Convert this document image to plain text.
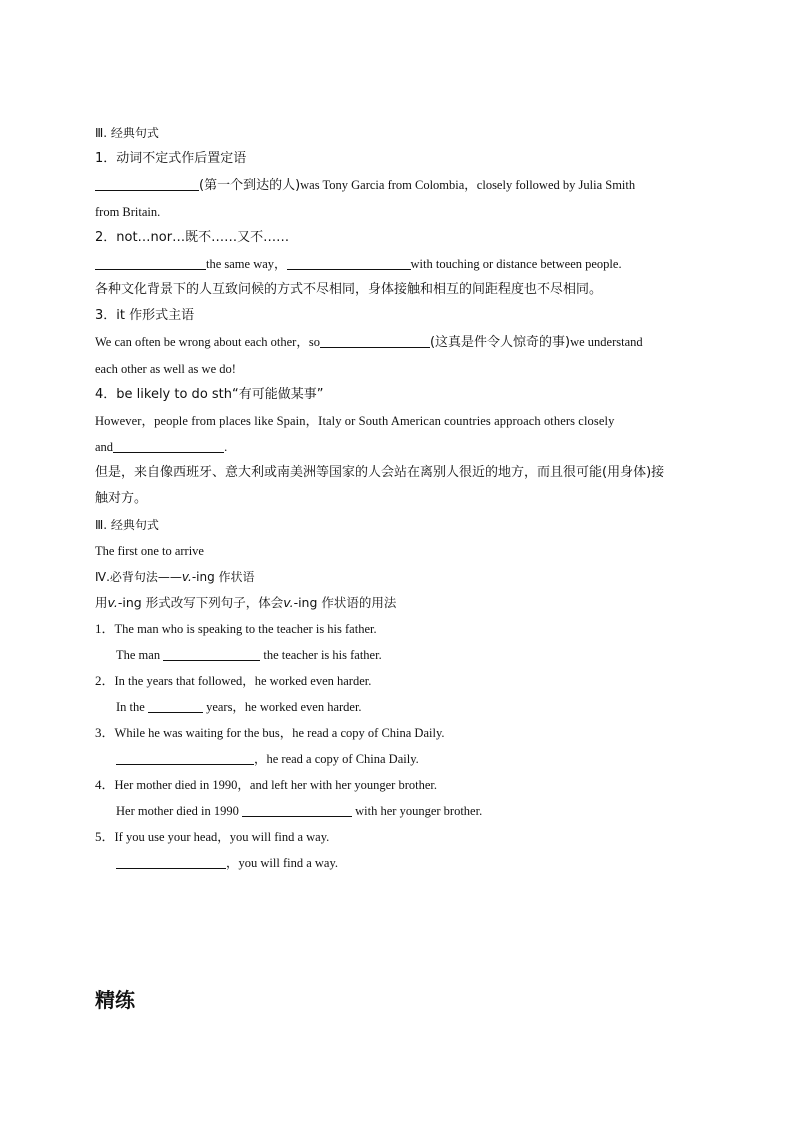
Ⅲ. 经典句式
1．动词不定式作后置定语
(第一个到达的人)was Tony Garcia from Colombia，closely followed by Julia Smith
from Britain.
2．not…nor…既不……又不……
the same way，	with touching or distance between people.
各种文化背景下的人互致问候的方式不尽相同，身体接触和相互的间距程度也不尽相同。
3．it 作形式主语
We can often be wrong about each other，so	(这真是件令人惊奇的事)we understand
each other as well as we do!
4．be likely to do sth“有可能做某事”
However，people from places like Spain，Italy or South American countries approach others closely
and	.
但是，来自像西班牙、意大利或南美洲等国家的人会站在离别人很近的地方，而且很可能(用身体)接
触对方。
Ⅲ. 经典句式
The first one to arrive
Ⅳ.必背句法——v.-ing 作状语
用v.-ing 形式改写下列句子，体会v.-ing 作状语的用法
1．The man who is speaking to the teacher is his father.
The man	the teacher is his father.
2．In the years that followed，he worked even harder.
In the	years，he worked even harder.
3．While he was waiting for the bus，he read a copy of China Daily.
，he read a copy of China Daily.
4．Her mother died in 1990，and left her with her younger brother.
Her mother died in 1990	with her younger brother.
5．If you use your head，you will find a way.
，you will find a way.
精练
